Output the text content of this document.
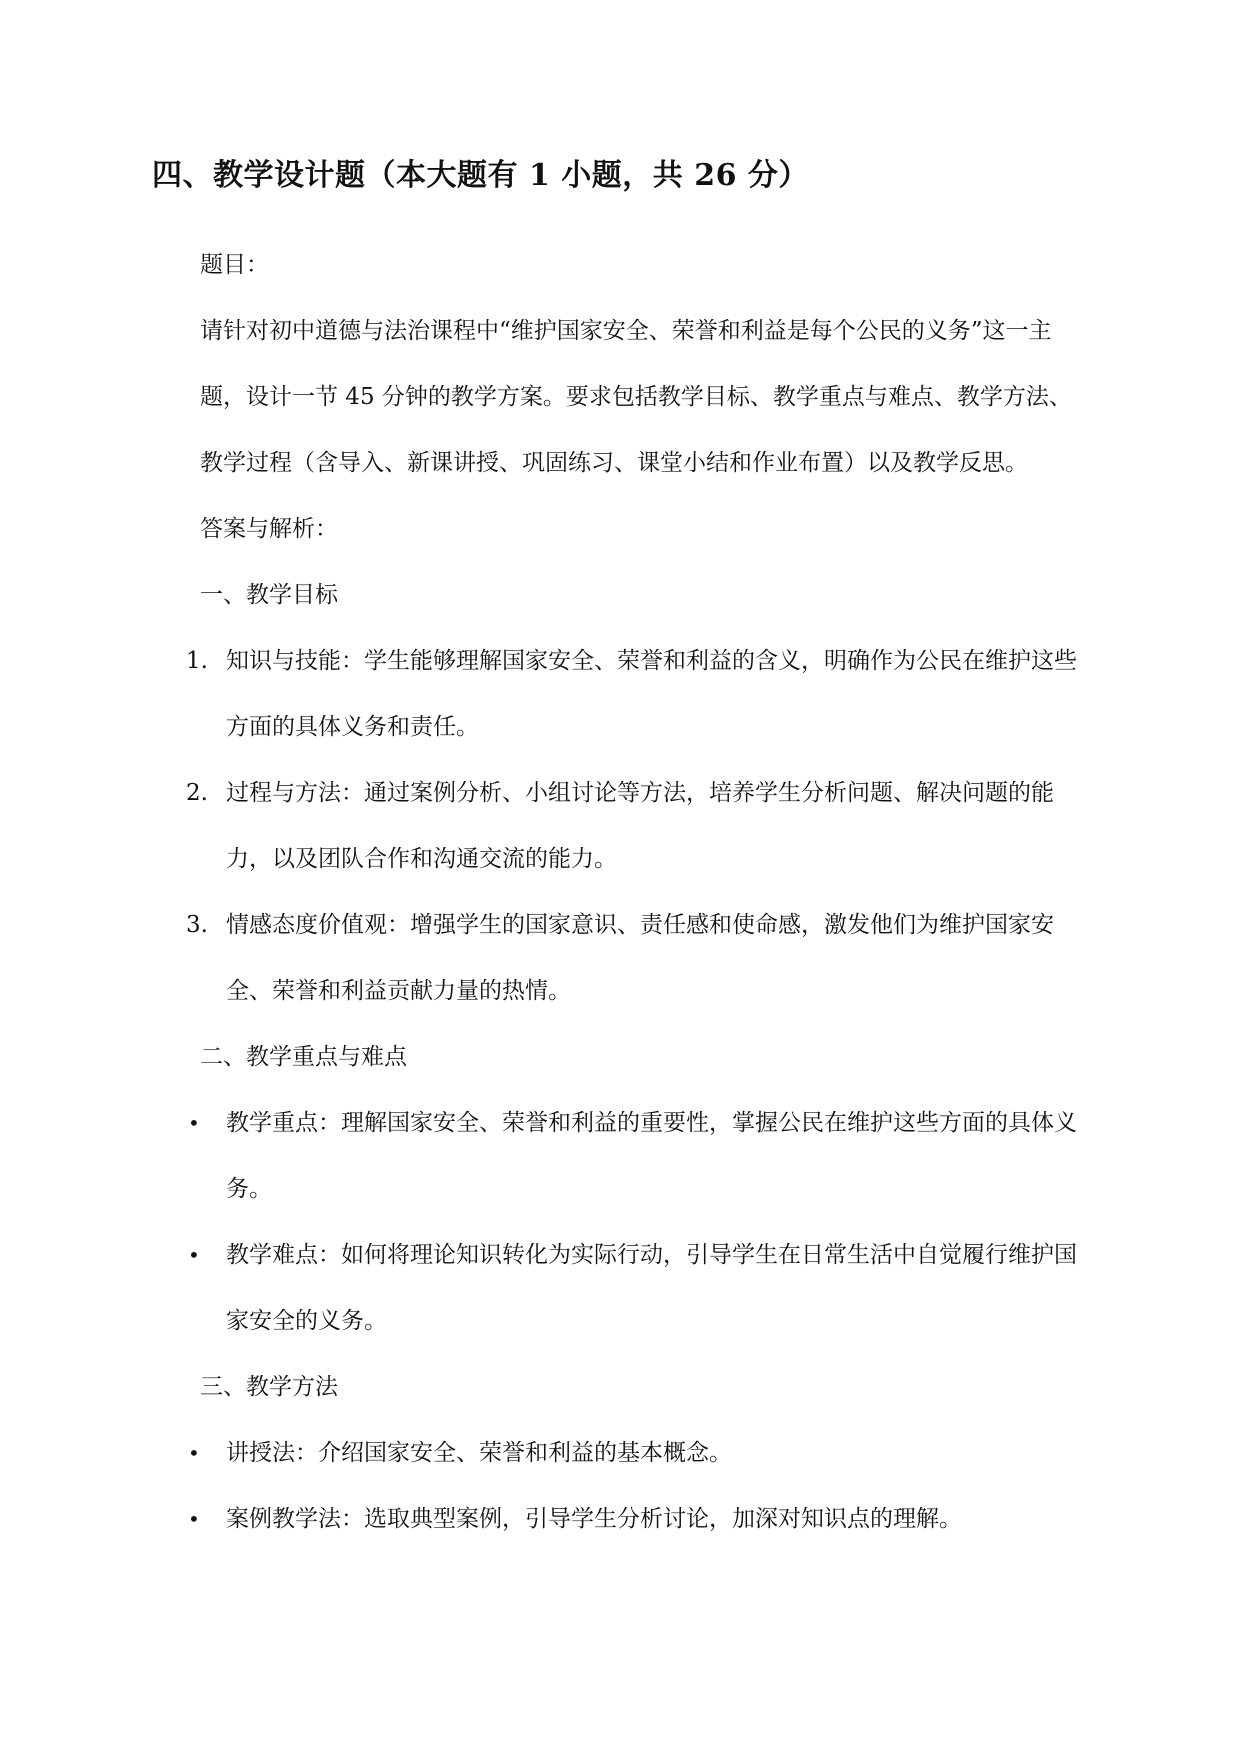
四、教学设计题（本大题有 1 小题，共 26 分）

题目：

请针对初中道德与法治课程中“维护国家安全、荣誉和利益是每个公民的义务”这一主题，设计一节 45 分钟的教学方案。要求包括教学目标、教学重点与难点、教学方法、教学过程（含导入、新课讲授、巩固练习、课堂小结和作业布置）以及教学反思。

答案与解析：

一、教学目标

1. 知识与技能：学生能够理解国家安全、荣誉和利益的含义，明确作为公民在维护这些方面的具体义务和责任。
2. 过程与方法：通过案例分析、小组讨论等方法，培养学生分析问题、解决问题的能力，以及团队合作和沟通交流的能力。
3. 情感态度价值观：增强学生的国家意识、责任感和使命感，激发他们为维护国家安全、荣誉和利益贡献力量的热情。

二、教学重点与难点

• 教学重点：理解国家安全、荣誉和利益的重要性，掌握公民在维护这些方面的具体义务。
• 教学难点：如何将理论知识转化为实际行动，引导学生在日常生活中自觉履行维护国家安全的义务。

三、教学方法

• 讲授法：介绍国家安全、荣誉和利益的基本概念。
• 案例教学法：选取典型案例，引导学生分析讨论，加深对知识点的理解。
